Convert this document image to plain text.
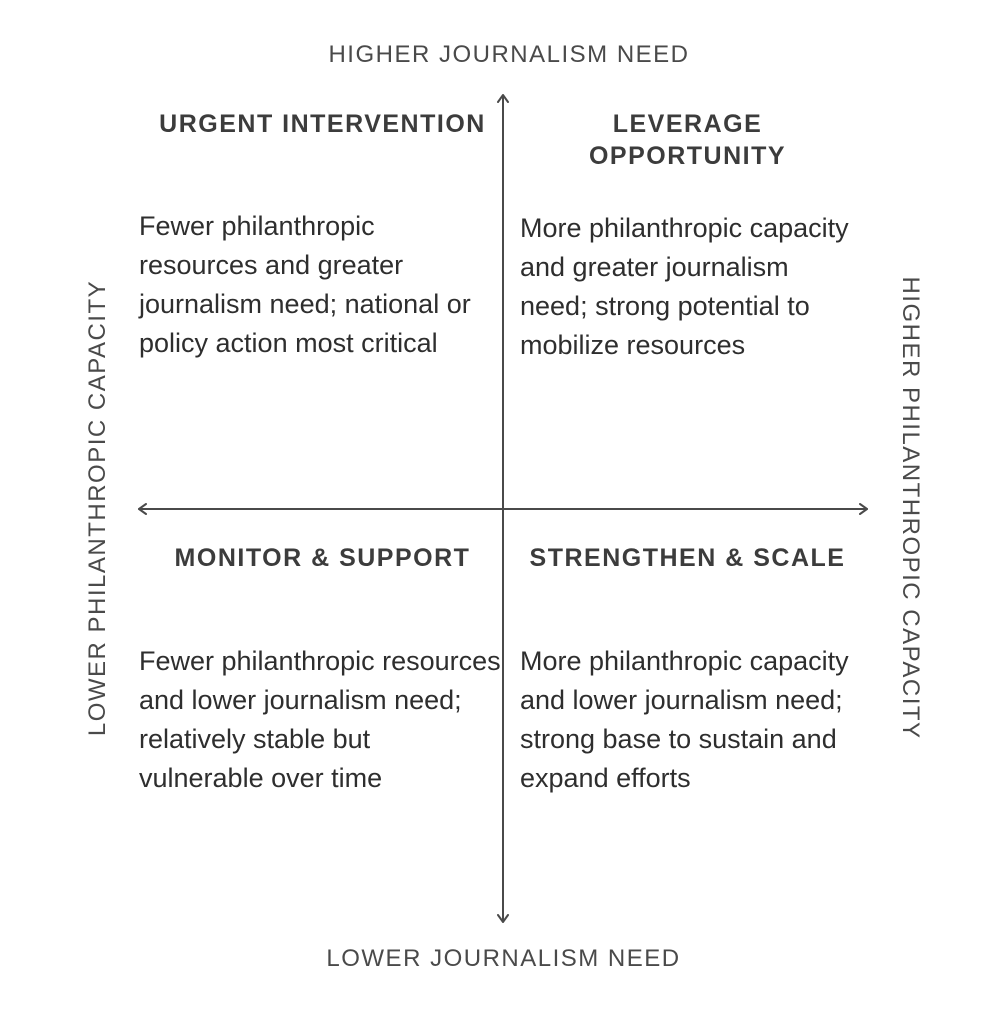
HIGHER JOURNALISM NEED
LOWER JOURNALISM NEED
LOWER PHILANTHROPIC CAPACITY	HIGHER PHILANTHROPIC CAPACITY
URGENT INTERVENTION
Fewer philanthropic resources and greater journalism need; national or policy action most critical
LEVERAGE OPPORTUNITY
More philanthropic capacity and greater journalism need; strong potential to mobilize resources
MONITOR & SUPPORT
Fewer philanthropic resources and lower journalism need; relatively stable but vulnerable over time
STRENGTHEN & SCALE
More philanthropic capacity and lower journalism need; strong base to sustain and expand efforts
